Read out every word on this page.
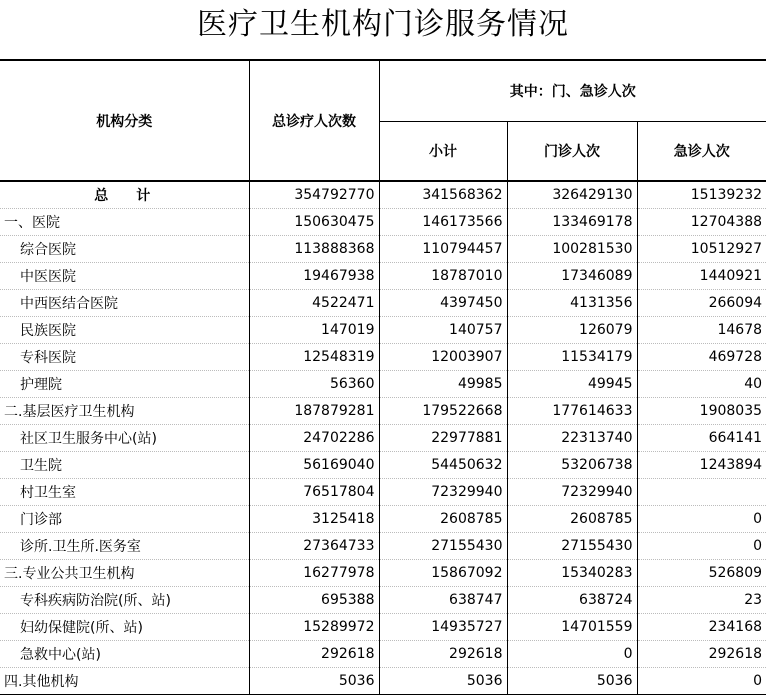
医疗卫生机构门诊服务情况
机构分类	总诊疗人次数	其中：门、急诊人次		
		小计	门诊人次	急诊人次
总计	354792770	341568362	326429130	15139232
一、医院	150630475	146173566	133469178	12704388
综合医院	113888368	110794457	100281530	10512927
中医医院	19467938	18787010	17346089	1440921
中西医结合医院	4522471	4397450	4131356	266094
民族医院	147019	140757	126079	14678
专科医院	12548319	12003907	11534179	469728
护理院	56360	49985	49945	40
二.基层医疗卫生机构	187879281	179522668	177614633	1908035
社区卫生服务中心(站)	24702286	22977881	22313740	664141
卫生院	56169040	54450632	53206738	1243894
村卫生室	76517804	72329940	72329940	
门诊部	3125418	2608785	2608785	0
诊所.卫生所.医务室	27364733	27155430	27155430	0
三.专业公共卫生机构	16277978	15867092	15340283	526809
专科疾病防治院(所、站)	695388	638747	638724	23
妇幼保健院(所、站)	15289972	14935727	14701559	234168
急救中心(站)	292618	292618	0	292618
四.其他机构	5036	5036	5036	0
